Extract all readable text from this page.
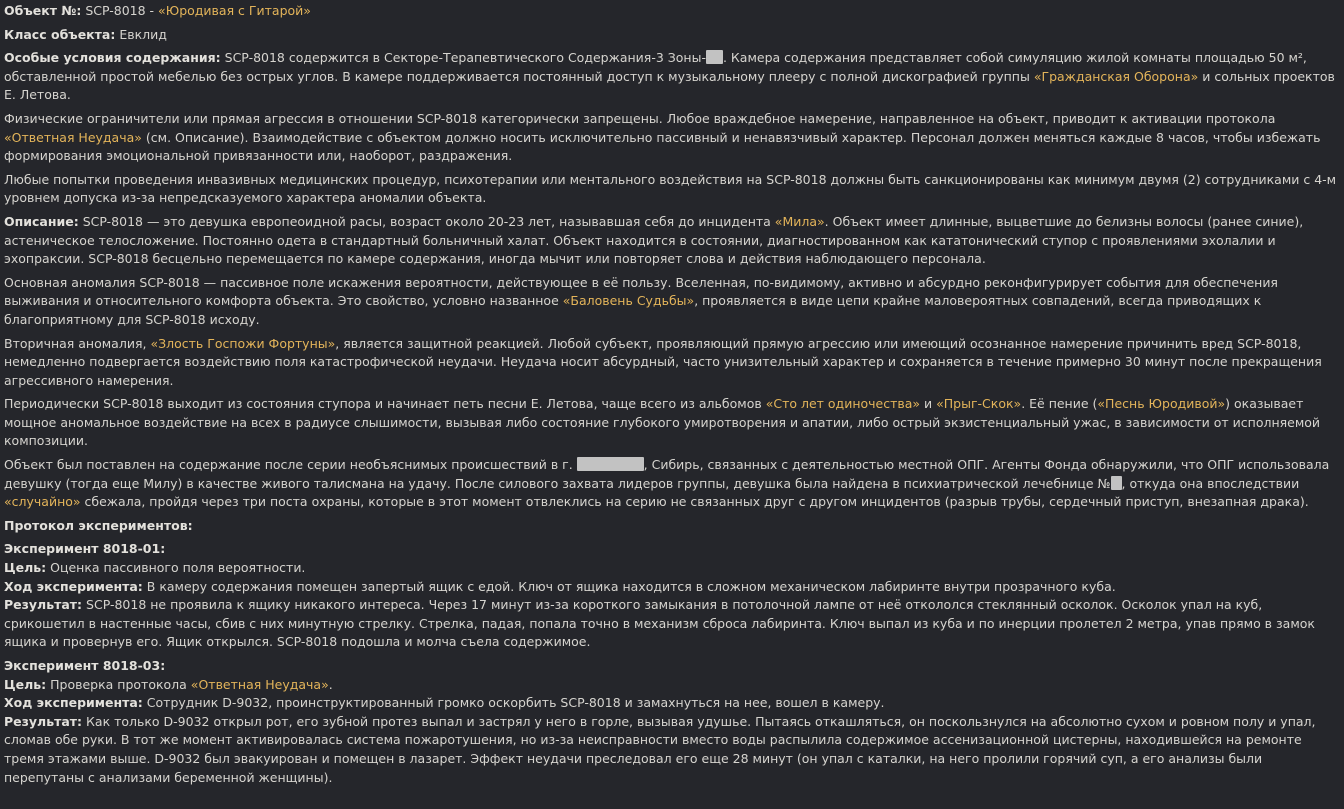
Объект №: SCP-8018 - «Юродивая с Гитарой»

Класс объекта: Евклид

Особые условия содержания: SCP-8018 содержится в Секторе-Терапевтического Содержания-3 Зоны- . Камера содержания представляет собой симуляцию жилой комнаты площадью 50 м², обставленной простой мебелью без острых углов. В камере поддерживается постоянный доступ к музыкальному плееру с полной дискографией группы «Гражданская Оборона» и сольных проектов Е. Летова.

Физические ограничители или прямая агрессия в отношении SCP-8018 категорически запрещены. Любое враждебное намерение, направленное на объект, приводит к активации протокола «Ответная Неудача» (см. Описание). Взаимодействие с объектом должно носить исключительно пассивный и ненавязчивый характер. Персонал должен меняться каждые 8 часов, чтобы избежать формирования эмоциональной привязанности или, наоборот, раздражения.

Любые попытки проведения инвазивных медицинских процедур, психотерапии или ментального воздействия на SCP-8018 должны быть санкционированы как минимум двумя (2) сотрудниками с 4-м уровнем допуска из-за непредсказуемого характера аномалии объекта.

Описание: SCP-8018 — это девушка европеоидной расы, возраст около 20-23 лет, называвшая себя до инцидента «Мила». Объект имеет длинные, выцветшие до белизны волосы (ранее синие), астеническое телосложение. Постоянно одета в стандартный больничный халат. Объект находится в состоянии, диагностированном как кататонический ступор с проявлениями эхолалии и эхопраксии. SCP-8018 бесцельно перемещается по камере содержания, иногда мычит или повторяет слова и действия наблюдающего персонала.

Основная аномалия SCP-8018 — пассивное поле искажения вероятности, действующее в её пользу. Вселенная, по-видимому, активно и абсурдно реконфигурирует события для обеспечения выживания и относительного комфорта объекта. Это свойство, условно названное «Баловень Судьбы», проявляется в виде цепи крайне маловероятных совпадений, всегда приводящих к благоприятному для SCP-8018 исходу.

Вторичная аномалия, «Злость Госпожи Фортуны», является защитной реакцией. Любой субъект, проявляющий прямую агрессию или имеющий осознанное намерение причинить вред SCP-8018, немедленно подвергается воздействию поля катастрофической неудачи. Неудача носит абсурдный, часто унизительный характер и сохраняется в течение примерно 30 минут после прекращения агрессивного намерения.

Периодически SCP-8018 выходит из состояния ступора и начинает петь песни Е. Летова, чаще всего из альбомов «Сто лет одиночества» и «Прыг-Скок». Её пение («Песнь Юродивой») оказывает мощное аномальное воздействие на всех в радиусе слышимости, вызывая либо состояние глубокого умиротворения и апатии, либо острый экзистенциальный ужас, в зависимости от исполняемой композиции.

Объект был поставлен на содержание после серии необъяснимых происшествий в г.	, Сибирь, связанных с деятельностью местной ОПГ. Агенты Фонда обнаружили, что ОПГ использовала девушку (тогда еще Милу) в качестве живого талисмана на удачу. После силового захвата лидеров группы, девушка была найдена в психиатрической лечебнице № , откуда она впоследствии «случайно» сбежала, пройдя через три поста охраны, которые в этот момент отвлеклись на серию не связанных друг с другом инцидентов (разрыв трубы, сердечный приступ, внезапная драка).

Протокол экспериментов:

Эксперимент 8018-01:
Цель: Оценка пассивного поля вероятности.
Ход эксперимента: В камеру содержания помещен запертый ящик с едой. Ключ от ящика находится в сложном механическом лабиринте внутри прозрачного куба.
Результат: SCP-8018 не проявила к ящику никакого интереса. Через 17 минут из-за короткого замыкания в потолочной лампе от неё откололся стеклянный осколок. Осколок упал на куб, срикошетил в настенные часы, сбив с них минутную стрелку. Стрелка, падая, попала точно в механизм сброса лабиринта. Ключ выпал из куба и по инерции пролетел 2 метра, упав прямо в замок ящика и провернув его. Ящик открылся. SCP-8018 подошла и молча съела содержимое.
Эксперимент 8018-03:
Цель: Проверка протокола «Ответная Неудача».
Ход эксперимента: Сотрудник D-9032, проинструктированный громко оскорбить SCP-8018 и замахнуться на нее, вошел в камеру.
Результат: Как только D-9032 открыл рот, его зубной протез выпал и застрял у него в горле, вызывая удушье. Пытаясь откашляться, он поскользнулся на абсолютно сухом и ровном полу и упал, сломав обе руки. В тот же момент активировалась система пожаротушения, но из-за неисправности вместо воды распылила содержимое ассенизационной цистерны, находившейся на ремонте тремя этажами выше. D-9032 был эвакуирован и помещен в лазарет. Эффект неудачи преследовал его еще 28 минут (он упал с каталки, на него пролили горячий суп, а его анализы были перепутаны с анализами беременной женщины).
